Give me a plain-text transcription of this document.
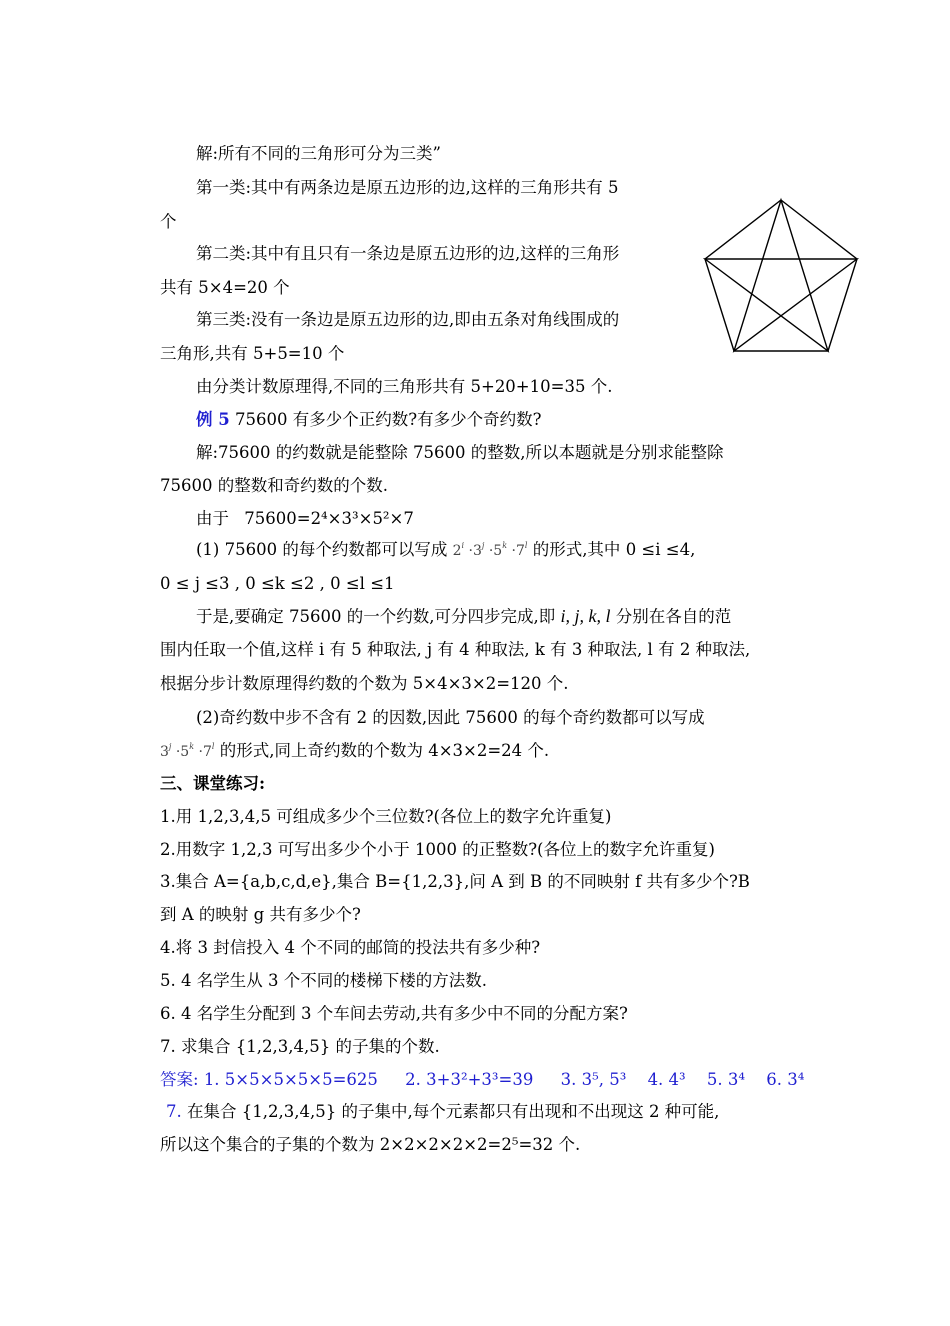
解:所有不同的三角形可分为三类”
第一类:其中有两条边是原五边形的边,这样的三角形共有 5
个
第二类:其中有且只有一条边是原五边形的边,这样的三角形
共有 5×4=20 个
第三类:没有一条边是原五边形的边,即由五条对角线围成的
三角形,共有 5+5=10 个
由分类计数原理得,不同的三角形共有 5+20+10=35 个.
例 5 75600 有多少个正约数?有多少个奇约数?
解:75600 的约数就是能整除 75600 的整数,所以本题就是分别求能整除
75600 的整数和奇约数的个数.
由于 75600=2⁴×3³×5²×7
(1) 75600 的每个约数都可以写成 $2^i \cdot 3^j \cdot 5^k \cdot 7^l$ 的形式,其中 0 ≤i ≤4,
0 ≤ j ≤3 , 0 ≤k ≤2 , 0 ≤l ≤1
于是,要确定 75600 的一个约数,可分四步完成,即 i, j, k, l 分别在各自的范
围内任取一个值,这样 i 有 5 种取法, j 有 4 种取法, k 有 3 种取法, l 有 2 种取法,
根据分步计数原理得约数的个数为 5×4×3×2=120 个.
(2)奇约数中步不含有 2 的因数,因此 75600 的每个奇约数都可以写成
$3^j \cdot 5^k \cdot 7^l$ 的形式,同上奇约数的个数为 4×3×2=24 个.
三、课堂练习:
1.用 1,2,3,4,5 可组成多少个三位数?(各位上的数字允许重复)
2.用数字 1,2,3 可写出多少个小于 1000 的正整数?(各位上的数字允许重复)
3.集合 A={a,b,c,d,e},集合 B={1,2,3},问 A 到 B 的不同映射 f 共有多少个?B
到 A 的映射 g 共有多少个?
4.将 3 封信投入 4 个不同的邮筒的投法共有多少种?
5. 4 名学生从 3 个不同的楼梯下楼的方法数.
6. 4 名学生分配到 3 个车间去劳动,共有多少中不同的分配方案?
7. 求集合 {1,2,3,4,5} 的子集的个数.
答案: 1. 5×5×5×5×5=625 2. 3+3²+3³=39 3. 3⁵, 5³ 4. 4³ 5. 3⁴ 6. 3⁴
7. 在集合 {1,2,3,4,5} 的子集中,每个元素都只有出现和不出现这 2 种可能,
所以这个集合的子集的个数为 2×2×2×2×2=2⁵=32 个.
